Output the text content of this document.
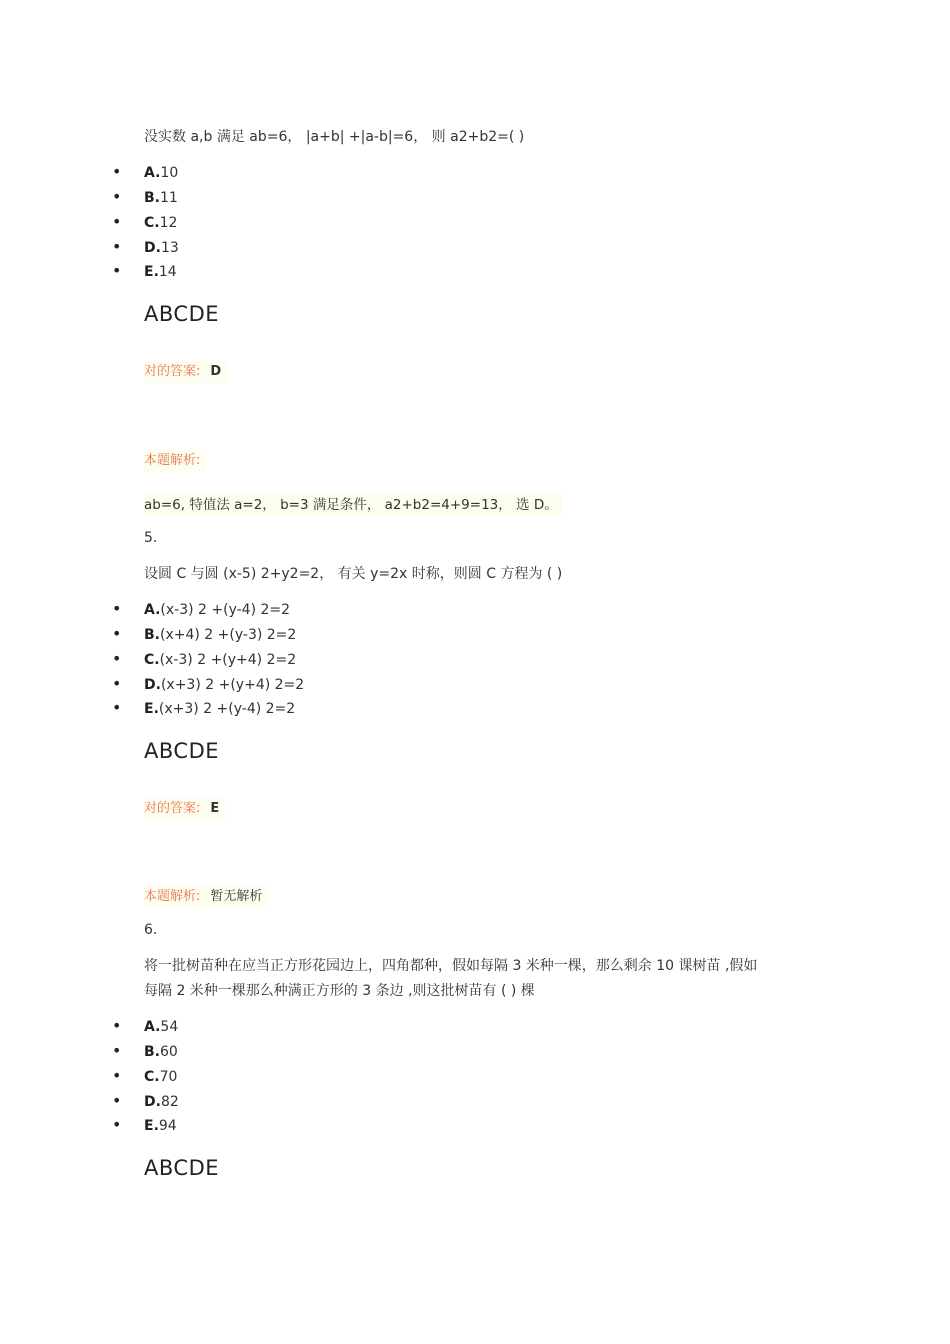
没实数 a,b 满足 ab=6， |a+b| +|a-b|=6， 则 a2+b2=( )
• A.10
• B.11
• C.12
• D.13
• E.14
ABCDE
对的答案: D
本题解析:
ab=6, 特值法 a=2， b=3 满足条件， a2+b2=4+9=13， 选 D。
5.
设圆 C 与圆 (x-5) 2+y2=2， 有关 y=2x 时称，则圆 C 方程为 ( )
• A.(x-3) 2 +(y-4) 2=2
• B.(x+4) 2 +(y-3) 2=2
• C.(x-3) 2 +(y+4) 2=2
• D.(x+3) 2 +(y+4) 2=2
• E.(x+3) 2 +(y-4) 2=2
ABCDE
对的答案: E
本题解析: 暂无解析
6.
将一批树苗种在应当正方形花园边上，四角都种，假如每隔 3 米种一棵，那么剩余 10 课树苗 ,假如
每隔 2 米种一棵那么种满正方形的 3 条边 ,则这批树苗有 ( ) 棵
• A.54
• B.60
• C.70
• D.82
• E.94
ABCDE
